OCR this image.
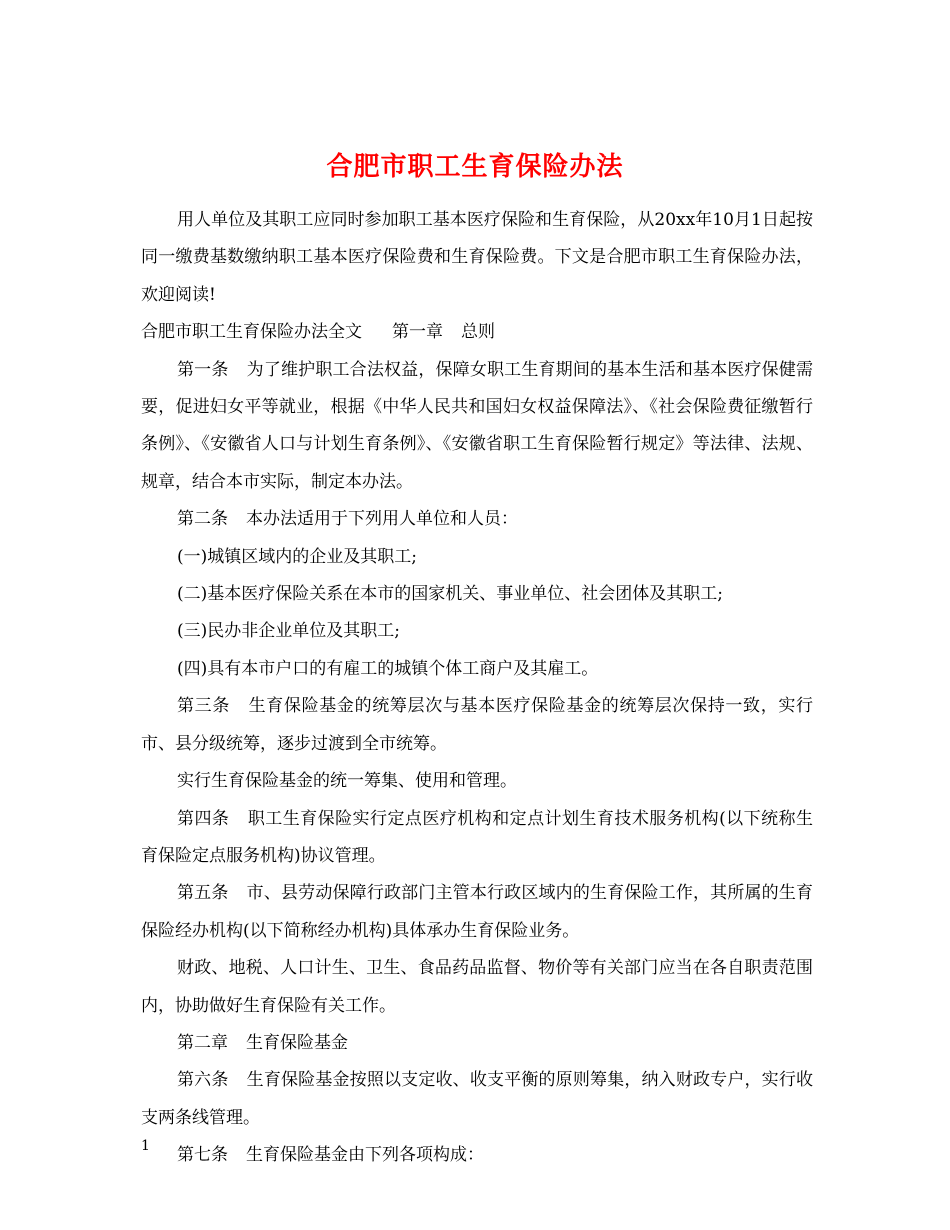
合肥市职工生育保险办法

用人单位及其职工应同时参加职工基本医疗保险和生育保险，从20xx年10月1日起按同一缴费基数缴纳职工基本医疗保险费和生育保险费。下文是合肥市职工生育保险办法，欢迎阅读!

合肥市职工生育保险办法全文 第一章 总则

第一条 为了维护职工合法权益，保障女职工生育期间的基本生活和基本医疗保健需要，促进妇女平等就业，根据《中华人民共和国妇女权益保障法》、《社会保险费征缴暂行条例》、《安徽省人口与计划生育条例》、《安徽省职工生育保险暂行规定》等法律、法规、规章，结合本市实际，制定本办法。

第二条 本办法适用于下列用人单位和人员：

(一)城镇区域内的企业及其职工;

(二)基本医疗保险关系在本市的国家机关、事业单位、社会团体及其职工;

(三)民办非企业单位及其职工;

(四)具有本市户口的有雇工的城镇个体工商户及其雇工。

第三条 生育保险基金的统筹层次与基本医疗保险基金的统筹层次保持一致，实行市、县分级统筹，逐步过渡到全市统筹。

实行生育保险基金的统一筹集、使用和管理。

第四条 职工生育保险实行定点医疗机构和定点计划生育技术服务机构(以下统称生育保险定点服务机构)协议管理。

第五条 市、县劳动保障行政部门主管本行政区域内的生育保险工作，其所属的生育保险经办机构(以下简称经办机构)具体承办生育保险业务。

财政、地税、人口计生、卫生、食品药品监督、物价等有关部门应当在各自职责范围内，协助做好生育保险有关工作。

第二章 生育保险基金

第六条 生育保险基金按照以支定收、收支平衡的原则筹集，纳入财政专户，实行收支两条线管理。

第七条 生育保险基金由下列各项构成：

1
